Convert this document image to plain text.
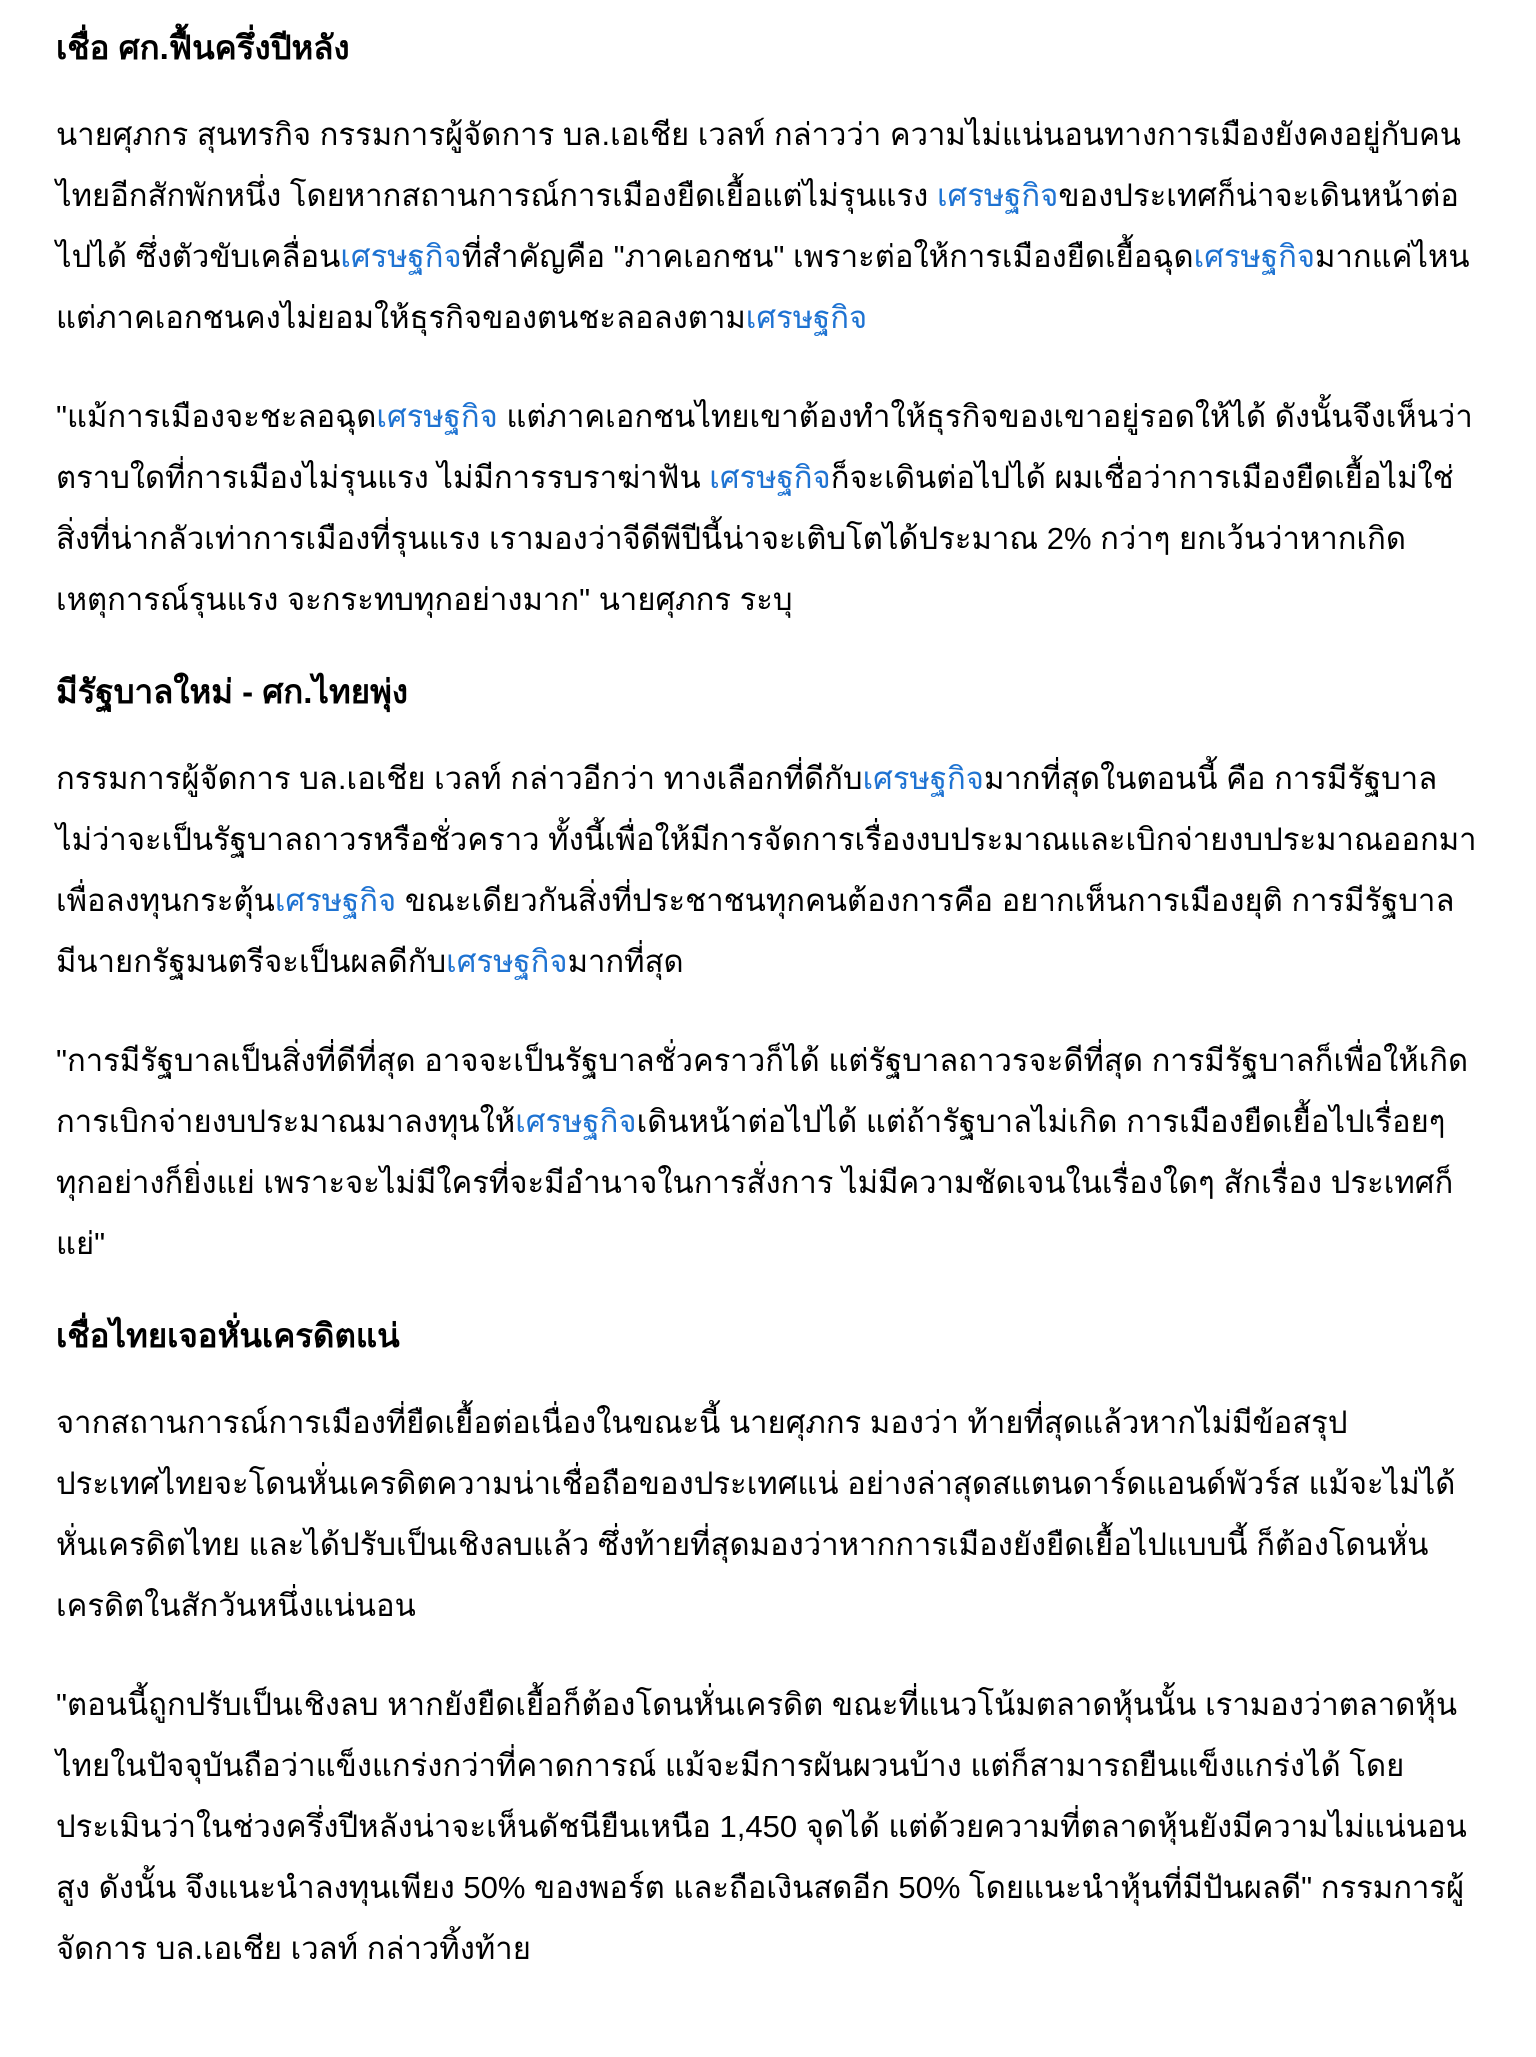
เชื่อ ศก.ฟื้นครึ่งปีหลัง

นายศุภกร สุนทรกิจ กรรมการผู้จัดการ บล.เอเชีย เวลท์ กล่าวว่า ความไม่แน่นอนทางการเมืองยังคงอยู่กับคนไทยอีกสักพักหนึ่ง โดยหากสถานการณ์การเมืองยืดเยื้อแต่ไม่รุนแรง เศรษฐกิจของประเทศก็น่าจะเดินหน้าต่อไปได้ ซึ่งตัวขับเคลื่อนเศรษฐกิจที่สำคัญคือ "ภาคเอกชน" เพราะต่อให้การเมืองยืดเยื้อฉุดเศรษฐกิจมากแค่ไหน แต่ภาคเอกชนคงไม่ยอมให้ธุรกิจของตนชะลอลงตามเศรษฐกิจ

"แม้การเมืองจะชะลอฉุดเศรษฐกิจ แต่ภาคเอกชนไทยเขาต้องทำให้ธุรกิจของเขาอยู่รอดให้ได้ ดังนั้นจึงเห็นว่าตราบใดที่การเมืองไม่รุนแรง ไม่มีการรบราฆ่าฟัน เศรษฐกิจก็จะเดินต่อไปได้ ผมเชื่อว่าการเมืองยืดเยื้อไม่ใช่สิ่งที่น่ากลัวเท่าการเมืองที่รุนแรง เรามองว่าจีดีพีปีนี้น่าจะเติบโตได้ประมาณ 2% กว่าๆ ยกเว้นว่าหากเกิดเหตุการณ์รุนแรง จะกระทบทุกอย่างมาก" นายศุภกร ระบุ

มีรัฐบาลใหม่ - ศก.ไทยพุ่ง

กรรมการผู้จัดการ บล.เอเชีย เวลท์ กล่าวอีกว่า ทางเลือกที่ดีกับเศรษฐกิจมากที่สุดในตอนนี้ คือ การมีรัฐบาล ไม่ว่าจะเป็นรัฐบาลถาวรหรือชั่วคราว ทั้งนี้เพื่อให้มีการจัดการเรื่องงบประมาณและเบิกจ่ายงบประมาณออกมาเพื่อลงทุนกระตุ้นเศรษฐกิจ ขณะเดียวกันสิ่งที่ประชาชนทุกคนต้องการคือ อยากเห็นการเมืองยุติ การมีรัฐบาล มีนายกรัฐมนตรีจะเป็นผลดีกับเศรษฐกิจมากที่สุด

"การมีรัฐบาลเป็นสิ่งที่ดีที่สุด อาจจะเป็นรัฐบาลชั่วคราวก็ได้ แต่รัฐบาลถาวรจะดีที่สุด การมีรัฐบาลก็เพื่อให้เกิดการเบิกจ่ายงบประมาณมาลงทุนให้เศรษฐกิจเดินหน้าต่อไปได้ แต่ถ้ารัฐบาลไม่เกิด การเมืองยืดเยื้อไปเรื่อยๆ ทุกอย่างก็ยิ่งแย่ เพราะจะไม่มีใครที่จะมีอำนาจในการสั่งการ ไม่มีความชัดเจนในเรื่องใดๆ สักเรื่อง ประเทศก็แย่"

เชื่อไทยเจอหั่นเครดิตแน่

จากสถานการณ์การเมืองที่ยืดเยื้อต่อเนื่องในขณะนี้ นายศุภกร มองว่า ท้ายที่สุดแล้วหากไม่มีข้อสรุป ประเทศไทยจะโดนหั่นเครดิตความน่าเชื่อถือของประเทศแน่ อย่างล่าสุดสแตนดาร์ดแอนด์พัวร์ส แม้จะไม่ได้หั่นเครดิตไทย และได้ปรับเป็นเชิงลบแล้ว ซึ่งท้ายที่สุดมองว่าหากการเมืองยังยืดเยื้อไปแบบนี้ ก็ต้องโดนหั่นเครดิตในสักวันหนึ่งแน่นอน

"ตอนนี้ถูกปรับเป็นเชิงลบ หากยังยืดเยื้อก็ต้องโดนหั่นเครดิต ขณะที่แนวโน้มตลาดหุ้นนั้น เรามองว่าตลาดหุ้นไทยในปัจจุบันถือว่าแข็งแกร่งกว่าที่คาดการณ์ แม้จะมีการผันผวนบ้าง แต่ก็สามารถยืนแข็งแกร่งได้ โดยประเมินว่าในช่วงครึ่งปีหลังน่าจะเห็นดัชนียืนเหนือ 1,450 จุดได้ แต่ด้วยความที่ตลาดหุ้นยังมีความไม่แน่นอนสูง ดังนั้น จึงแนะนำลงทุนเพียง 50% ของพอร์ต และถือเงินสดอีก 50% โดยแนะนำหุ้นที่มีปันผลดี" กรรมการผู้จัดการ บล.เอเชีย เวลท์ กล่าวทิ้งท้าย
